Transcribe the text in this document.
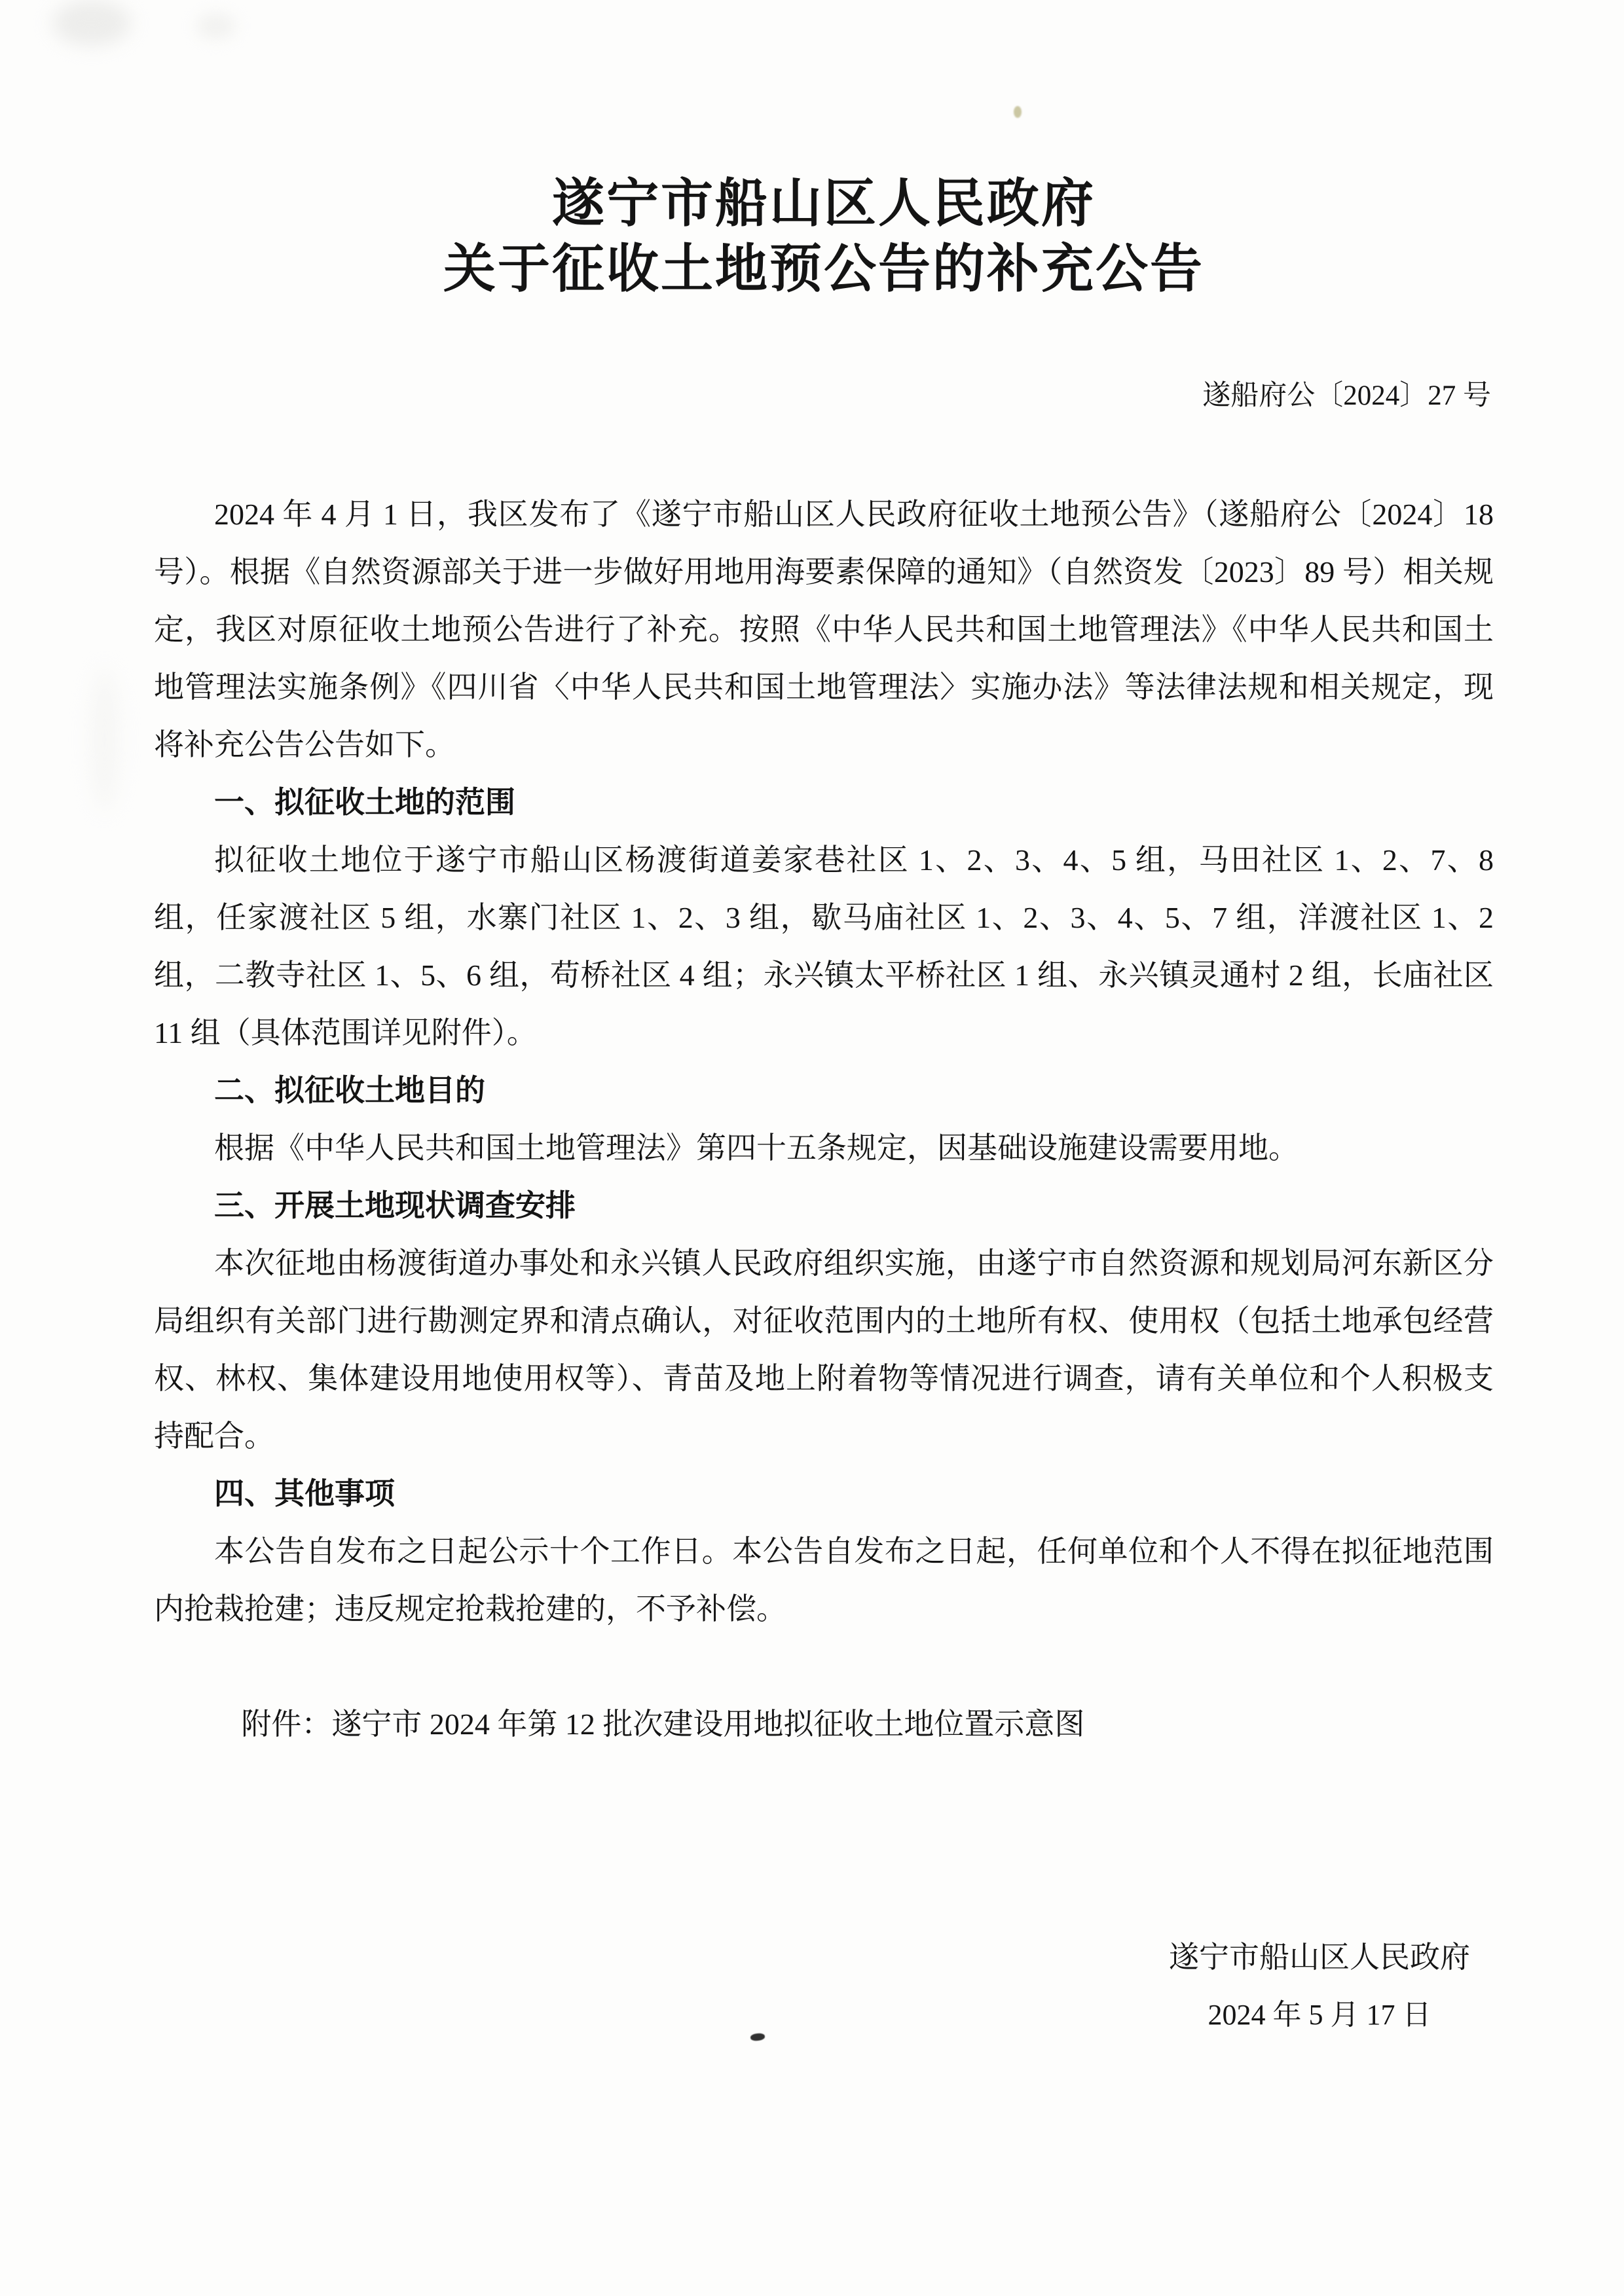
遂宁市船山区人民政府
关于征收土地预公告的补充公告
遂船府公〔2024〕27 号

2024 年 4 月 1 日，我区发布了《遂宁市船山区人民政府征收土地预公告》（遂船府公〔2024〕18 号）。根据《自然资源部关于进一步做好用地用海要素保障的通知》（自然资发〔2023〕89 号）相关规定，我区对原征收土地预公告进行了补充。按照《中华人民共和国土地管理法》《中华人民共和国土地管理法实施条例》《四川省〈中华人民共和国土地管理法〉实施办法》等法律法规和相关规定，现将补充公告公告如下。

一、拟征收土地的范围

拟征收土地位于遂宁市船山区杨渡街道姜家巷社区 1、2、3、4、5 组，马田社区 1、2、7、8 组，任家渡社区 5 组，水寨门社区 1、2、3 组，歇马庙社区 1、2、3、4、5、7 组，洋渡社区 1、2 组，二教寺社区 1、5、6 组，苟桥社区 4 组；永兴镇太平桥社区 1 组、永兴镇灵通村 2 组，长庙社区 11 组（具体范围详见附件）。

二、拟征收土地目的

根据《中华人民共和国土地管理法》第四十五条规定，因基础设施建设需要用地。

三、开展土地现状调查安排

本次征地由杨渡街道办事处和永兴镇人民政府组织实施，由遂宁市自然资源和规划局河东新区分局组织有关部门进行勘测定界和清点确认，对征收范围内的土地所有权、使用权（包括土地承包经营权、林权、集体建设用地使用权等）、青苗及地上附着物等情况进行调查，请有关单位和个人积极支持配合。

四、其他事项

本公告自发布之日起公示十个工作日。本公告自发布之日起，任何单位和个人不得在拟征地范围内抢栽抢建；违反规定抢栽抢建的，不予补偿。

附件：遂宁市 2024 年第 12 批次建设用地拟征收土地位置示意图

遂宁市船山区人民政府
2024 年 5 月 17 日
